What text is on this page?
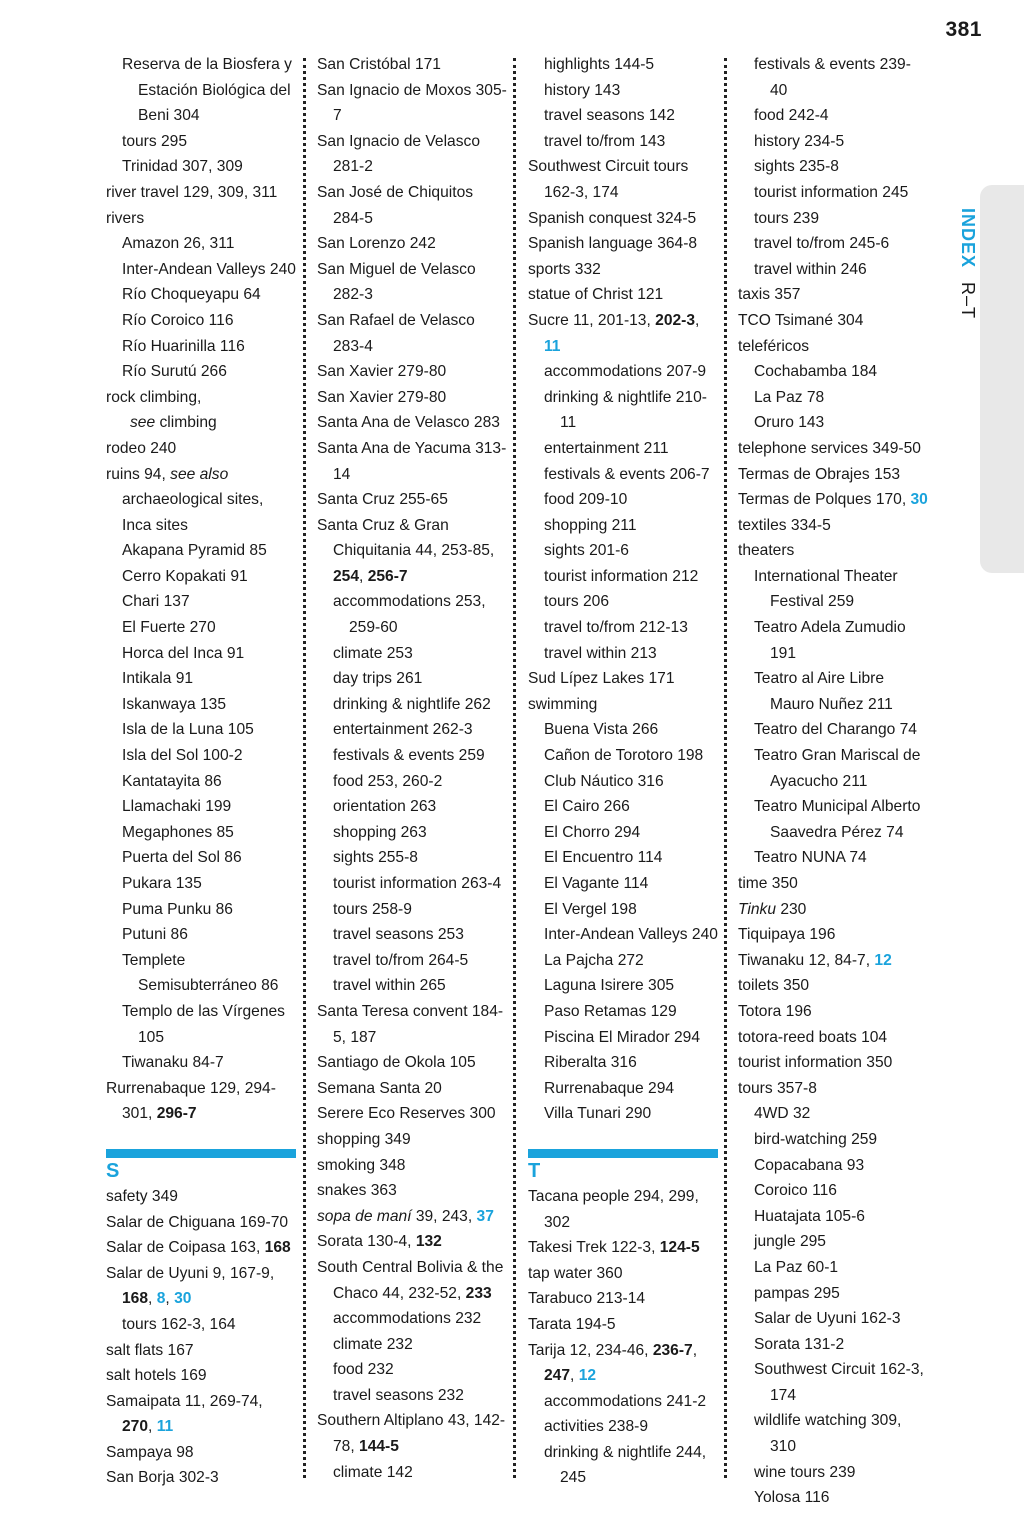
381
INDEX R–T
Reserva de la Biosfera y Estación Biológica del Beni 304
tours 295
Trinidad 307, 309
river travel 129, 309, 311
rivers
Amazon 26, 311
Inter-Andean Valleys 240
Río Choqueyapu 64
Río Coroico 116
Río Huarinilla 116
Río Surutú 266
rock climbing,
see climbing
rodeo 240
ruins 94, see also archaeological sites, Inca sites
Akapana Pyramid 85
Cerro Kopakati 91
Chari 137
El Fuerte 270
Horca del Inca 91
Intikala 91
Iskanwaya 135
Isla de la Luna 105
Isla del Sol 100-2
Kantatayita 86
Llamachaki 199
Megaphones 85
Puerta del Sol 86
Pukara 135
Puma Punku 86
Putuni 86
Templete Semisubterráneo 86
Templo de las Vírgenes 105
Tiwanaku 84-7
Rurrenabaque 129, 294-301, 296-7
S
safety 349
Salar de Chiguana 169-70
Salar de Coipasa 163, 168
Salar de Uyuni 9, 167-9, 168, 8, 30
tours 162-3, 164
salt flats 167
salt hotels 169
Samaipata 11, 269-74, 270, 11
Sampaya 98
San Borja 302-3
San Cristóbal 171
San Ignacio de Moxos 305-7
San Ignacio de Velasco 281-2
San José de Chiquitos 284-5
San Lorenzo 242
San Miguel de Velasco 282-3
San Rafael de Velasco 283-4
San Xavier 279-80
San Xavier 279-80
Santa Ana de Velasco 283
Santa Ana de Yacuma 313-14
Santa Cruz 255-65
Santa Cruz & Gran Chiquitania 44, 253-85, 254, 256-7
accommodations 253, 259-60
climate 253
day trips 261
drinking & nightlife 262
entertainment 262-3
festivals & events 259
food 253, 260-2
orientation 263
shopping 263
sights 255-8
tourist information 263-4
tours 258-9
travel seasons 253
travel to/from 264-5
travel within 265
Santa Teresa convent 184-5, 187
Santiago de Okola 105
Semana Santa 20
Serere Eco Reserves 300
shopping 349
smoking 348
snakes 363
sopa de maní 39, 243, 37
Sorata 130-4, 132
South Central Bolivia & the Chaco 44, 232-52, 233
accommodations 232
climate 232
food 232
travel seasons 232
Southern Altiplano 43, 142-78, 144-5
climate 142
highlights 144-5
history 143
travel seasons 142
travel to/from 143
Southwest Circuit tours 162-3, 174
Spanish conquest 324-5
Spanish language 364-8
sports 332
statue of Christ 121
Sucre 11, 201-13, 202-3, 11
accommodations 207-9
drinking & nightlife 210-11
entertainment 211
festivals & events 206-7
food 209-10
shopping 211
sights 201-6
tourist information 212
tours 206
travel to/from 212-13
travel within 213
Sud Lípez Lakes 171
swimming
Buena Vista 266
Cañon de Torotoro 198
Club Náutico 316
El Cairo 266
El Chorro 294
El Encuentro 114
El Vagante 114
El Vergel 198
Inter-Andean Valleys 240
La Pajcha 272
Laguna Isirere 305
Paso Retamas 129
Piscina El Mirador 294
Riberalta 316
Rurrenabaque 294
Villa Tunari 290
T
Tacana people 294, 299, 302
Takesi Trek 122-3, 124-5
tap water 360
Tarabuco 213-14
Tarata 194-5
Tarija 12, 234-46, 236-7, 247, 12
accommodations 241-2
activities 238-9
drinking & nightlife 244, 245
festivals & events 239-40
food 242-4
history 234-5
sights 235-8
tourist information 245
tours 239
travel to/from 245-6
travel within 246
taxis 357
TCO Tsimané 304
teleféricos
Cochabamba 184
La Paz 78
Oruro 143
telephone services 349-50
Termas de Obrajes 153
Termas de Polques 170, 30
textiles 334-5
theaters
International Theater Festival 259
Teatro Adela Zumudio 191
Teatro al Aire Libre Mauro Nuñez 211
Teatro del Charango 74
Teatro Gran Mariscal de Ayacucho 211
Teatro Municipal Alberto Saavedra Pérez 74
Teatro NUNA 74
time 350
Tinku 230
Tiquipaya 196
Tiwanaku 12, 84-7, 12
toilets 350
Totora 196
totora-reed boats 104
tourist information 350
tours 357-8
4WD 32
bird-watching 259
Copacabana 93
Coroico 116
Huatajata 105-6
jungle 295
La Paz 60-1
pampas 295
Salar de Uyuni 162-3
Sorata 131-2
Southwest Circuit 162-3, 174
wildlife watching 309, 310
wine tours 239
Yolosa 116
